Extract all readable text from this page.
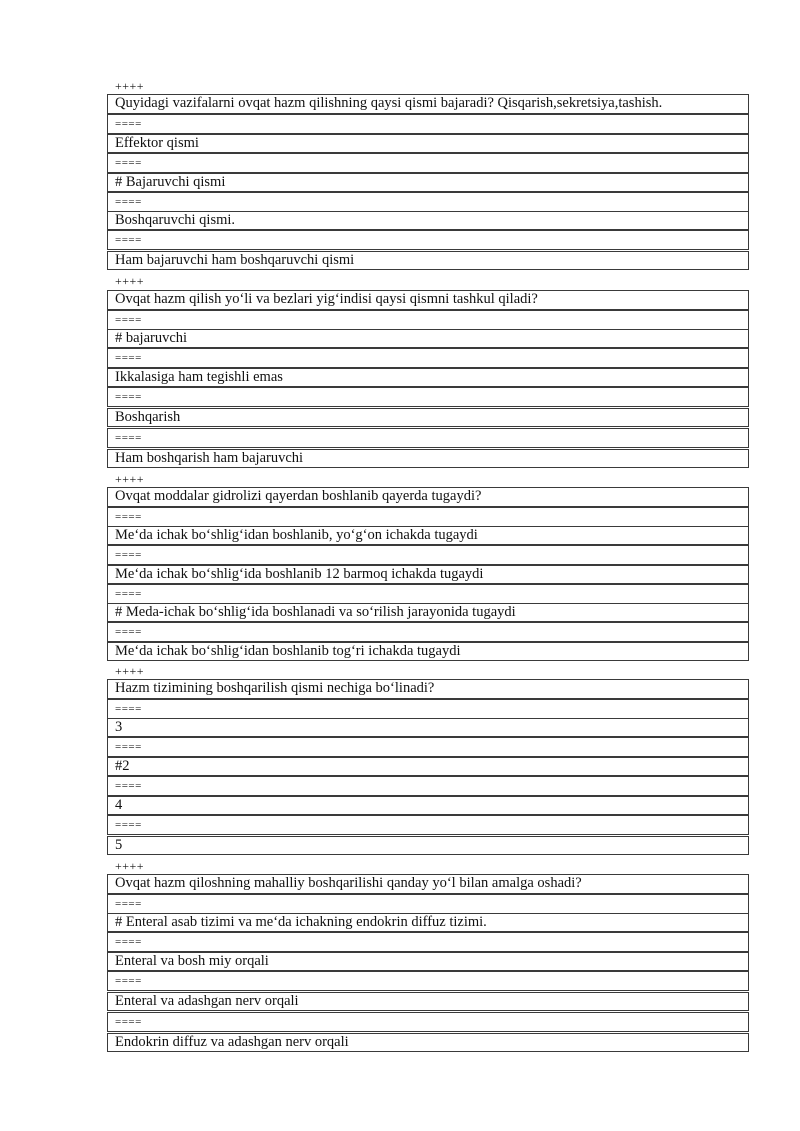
++++
Quyidagi vazifalarni ovqat hazm qilishning qaysi qismi bajaradi? Qisqarish,sekretsiya,tashish.
====
Effektor qismi
====
# Bajaruvchi qismi
====
Boshqaruvchi qismi.
====
Ham bajaruvchi ham boshqaruvchi qismi
++++
Ovqat hazm qilish yo‘li va bezlari yig‘indisi qaysi qismni tashkul qiladi?
====
# bajaruvchi
====
Ikkalasiga ham tegishli emas
====
Boshqarish
====
Ham boshqarish ham bajaruvchi
++++
Ovqat moddalar gidrolizi qayerdan boshlanib qayerda tugaydi?
====
Me‘da ichak bo‘shlig‘idan boshlanib, yo‘g‘on ichakda tugaydi
====
Me‘da ichak bo‘shlig‘ida boshlanib 12 barmoq ichakda tugaydi
====
# Meda-ichak bo‘shlig‘ida boshlanadi va so‘rilish jarayonida tugaydi
====
Me‘da ichak bo‘shlig‘idan boshlanib tog‘ri ichakda tugaydi
++++
Hazm tizimining boshqarilish qismi nechiga bo‘linadi?
====
3
====
#2
====
4
====
5
++++
Ovqat hazm qiloshning mahalliy boshqarilishi qanday yo‘l bilan amalga oshadi?
====
# Enteral asab tizimi va me‘da ichakning endokrin diffuz tizimi.
====
Enteral va bosh miy orqali
====
Enteral va adashgan nerv orqali
====
Endokrin diffuz va adashgan nerv orqali
